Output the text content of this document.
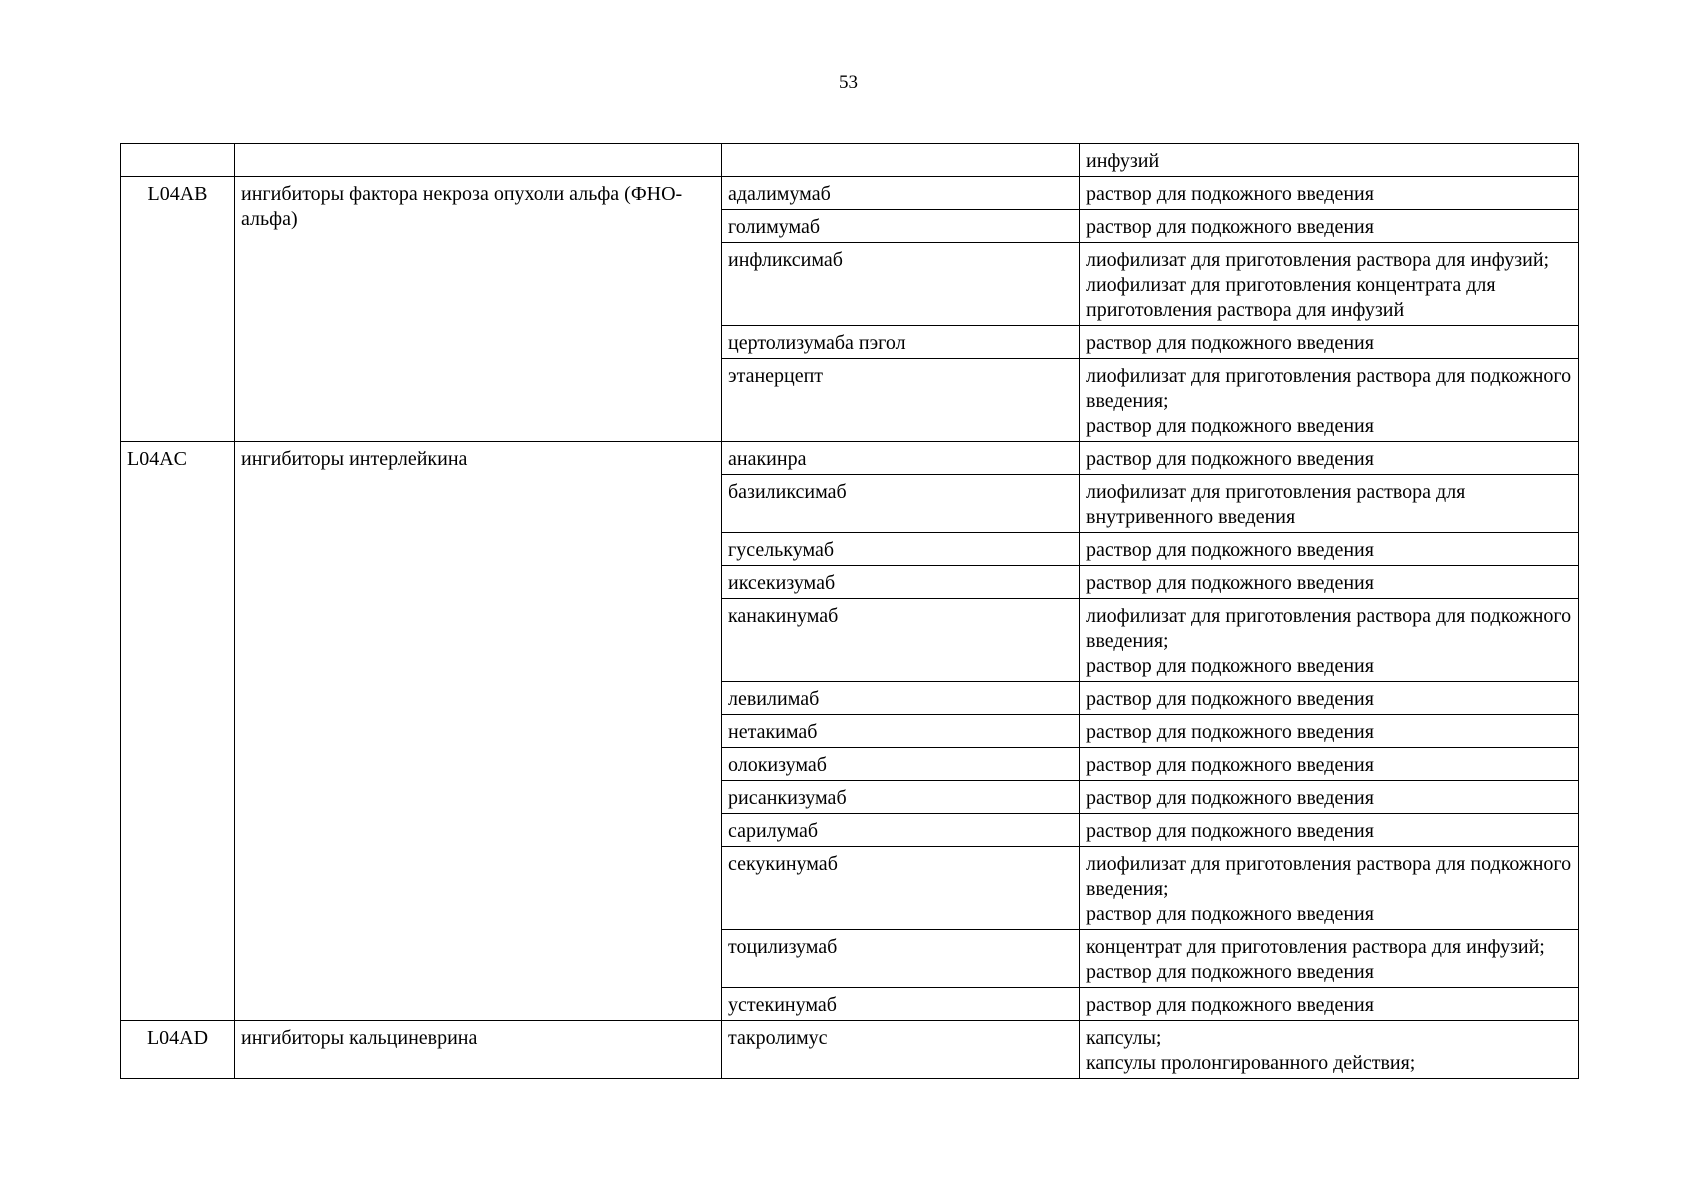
53

			инфузий

L04AB	ингибиторы фактора некроза опухоли альфа (ФНО-альфа)	адалимумаб	раствор для подкожного введения

		голимумаб	раствор для подкожного введения

		инфликсимаб	лиофилизат для приготовления раствора для инфузий;
лиофилизат для приготовления концентрата для приготовления раствора для инфузий

		цертолизумаба пэгол	раствор для подкожного введения

		этанерцепт	лиофилизат для приготовления раствора для подкожного введения;
раствор для подкожного введения

L04AC	ингибиторы интерлейкина	анакинра	раствор для подкожного введения

		базиликсимаб	лиофилизат для приготовления раствора для внутривенного введения

		гуселькумаб	раствор для подкожного введения

		иксекизумаб	раствор для подкожного введения

		канакинумаб	лиофилизат для приготовления раствора для подкожного введения;
раствор для подкожного введения

		левилимаб	раствор для подкожного введения

		нетакимаб	раствор для подкожного введения

		олокизумаб	раствор для подкожного введения

		рисанкизумаб	раствор для подкожного введения

		сарилумаб	раствор для подкожного введения

		секукинумаб	лиофилизат для приготовления раствора для подкожного введения;
раствор для подкожного введения

		тоцилизумаб	концентрат для приготовления раствора для инфузий;
раствор для подкожного введения

		устекинумаб	раствор для подкожного введения

L04AD	ингибиторы кальциневрина	такролимус	капсулы;
капсулы пролонгированного действия;
